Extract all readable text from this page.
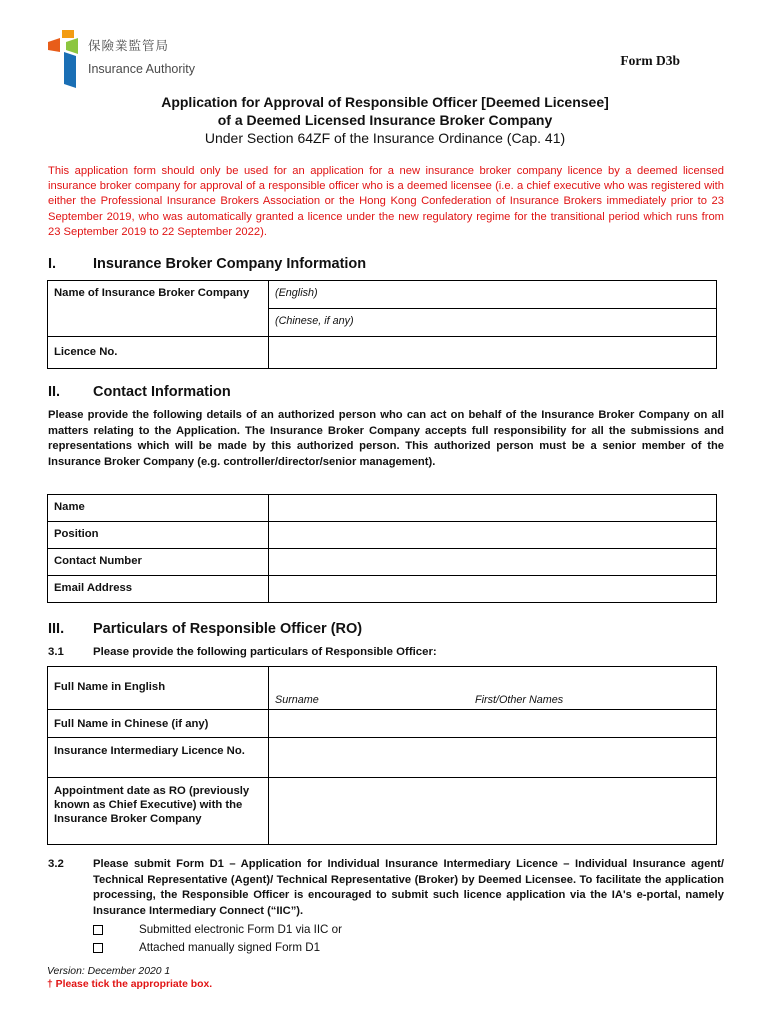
保險業監管局
Insurance Authority
Form D3b
Application for Approval of Responsible Officer [Deemed Licensee]
of a Deemed Licensed Insurance Broker Company
Under Section 64ZF of the Insurance Ordinance (Cap. 41)
This application form should only be used for an application for a new insurance broker company licence by a deemed licensed insurance broker company for approval of a responsible officer who is a deemed licensee (i.e. a chief executive who was registered with either the Professional Insurance Brokers Association or the Hong Kong Confederation of Insurance Brokers immediately prior to 23 September 2019, who was automatically granted a licence under the new regulatory regime for the transitional period which runs from 23 September 2019 to 22 September 2022).
I.	Insurance Broker Company Information
Name of Insurance Broker Company	(English)
	(Chinese, if any)
Licence No.	
II. Contact Information
Please provide the following details of an authorized person who can act on behalf of the Insurance Broker Company on all matters relating to the Application. The Insurance Broker Company accepts full responsibility for all the submissions and representations which will be made by this authorized person. This authorized person must be a senior member of the Insurance Broker Company (e.g. controller/director/senior management).
Name	
Position	
Contact Number	
Email Address	
III. Particulars of Responsible Officer (RO)
3.1	Please provide the following particulars of Responsible Officer:
Full Name in English	Surname First/Other Names

Full Name in Chinese (if any)	
Insurance Intermediary Licence No.	
Appointment date as RO (previously known as Chief Executive) with the Insurance Broker Company	
3.2	Please submit Form D1 – Application for Individual Insurance Intermediary Licence – Individual Insurance agent/ Technical Representative (Agent)/ Technical Representative (Broker) by Deemed Licensee. To facilitate the application processing, the Responsible Officer is encouraged to submit such licence application via the IA's e-portal, namely Insurance Intermediary Connect (“IIC”).
Submitted electronic Form D1 via IIC or
Attached manually signed Form D1
Version: December 2020 1
† Please tick the appropriate box.
